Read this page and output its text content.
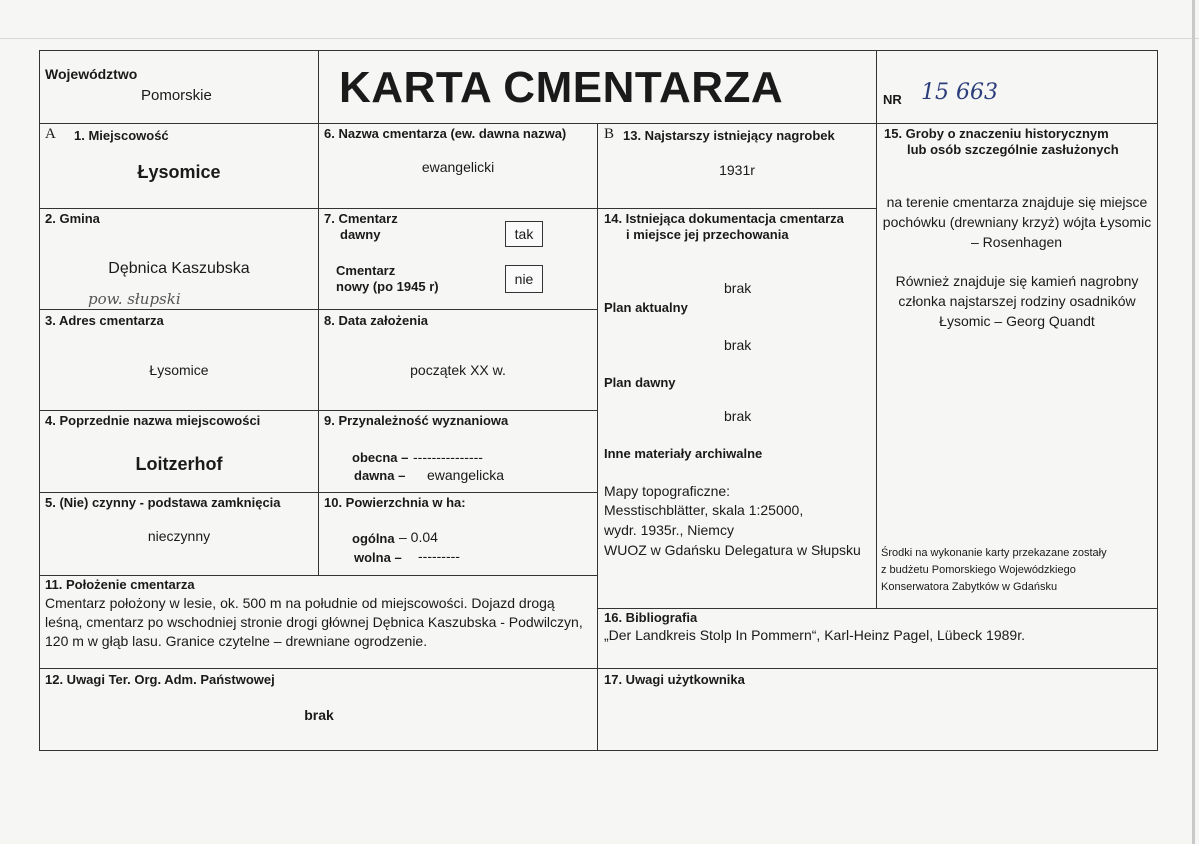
Województwo
Pomorskie	KARTA CMENTARZA	NR 15 663
A 1. Miejscowość
Łysomice
2. Gmina
Dębnica Kaszubska
pow. słupski
3. Adres cmentarza
Łysomice
4. Poprzednie nazwa miejscowości
Loitzerhof
5. (Nie) czynny - podstawa zamknięcia
nieczynny
6. Nazwa cmentarza (ew. dawna nazwa)
ewangelicki
7. Cmentarz
dawny	tak
Cmentarz
nowy (po 1945 r)	nie
8. Data założenia
początek XX w.
9. Przynależność wyznaniowa
obecna – ---------------
dawna – ewangelicka
10. Powierzchnia w ha:
ogólna – 0.04
wolna – ---------
11. Położenie cmentarza
Cmentarz położony w lesie, ok. 500 m na południe od miejscowości. Dojazd drogą
leśną, cmentarz po wschodniej stronie drogi głównej Dębnica Kaszubska - Podwilczyn,
120 m w głąb lasu. Granice czytelne – drewniane ogrodzenie.
12. Uwagi Ter. Org. Adm. Państwowej
brak
B 13. Najstarszy istniejący nagrobek
1931r
14. Istniejąca dokumentacja cmentarza
i miejsce jej przechowania
brak
Plan aktualny
brak
Plan dawny
brak
Inne materiały archiwalne
Mapy topograficzne:
Messtischblätter, skala 1:25000,
wydr. 1935r., Niemcy
WUOZ w Gdańsku Delegatura w Słupsku
15. Groby o znaczeniu historycznym
lub osób szczególnie zasłużonych
na terenie cmentarza znajduje się miejsce
pochówku (drewniany krzyż) wójta Łysomic
– Rosenhagen
Również znajduje się kamień nagrobny
członka najstarszej rodziny osadników
Łysomic – Georg Quandt
Środki na wykonanie karty przekazane zostały
z budżetu Pomorskiego Wojewódzkiego
Konserwatora Zabytków w Gdańsku
16. Bibliografia
„Der Landkreis Stolp In Pommern“, Karl-Heinz Pagel, Lübeck 1989r.
17. Uwagi użytkownika
